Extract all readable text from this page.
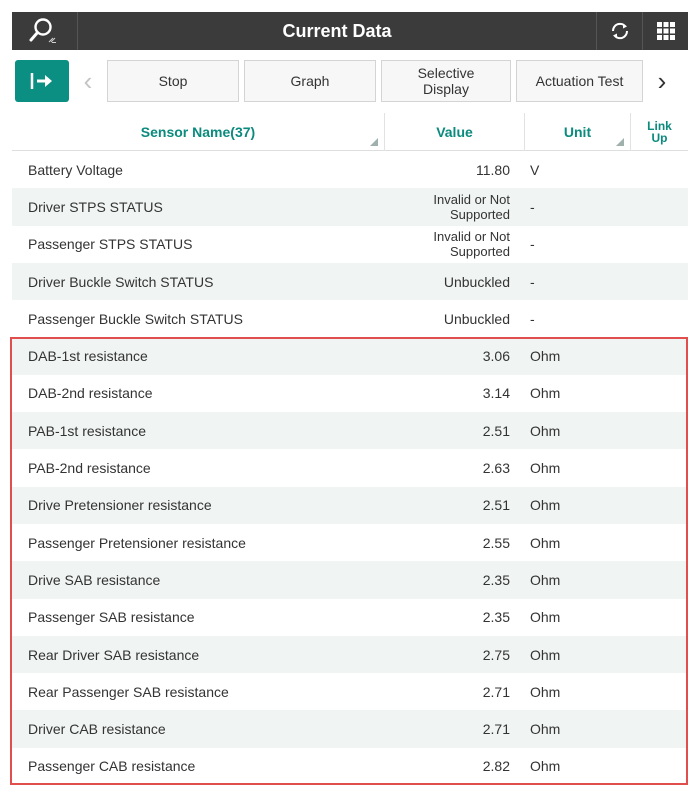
Current Data
‹	Stop	Graph	Selective
Display	Actuation Test	›
Sensor Name(37)	Value	Unit	Link
Up
Battery Voltage	11.80	V
Driver STPS STATUS	Invalid or Not
Supported	-
Passenger STPS STATUS	Invalid or Not
Supported	-
Driver Buckle Switch STATUS	Unbuckled	-
Passenger Buckle Switch STATUS	Unbuckled	-
DAB-1st resistance	3.06	Ohm
DAB-2nd resistance	3.14	Ohm
PAB-1st resistance	2.51	Ohm
PAB-2nd resistance	2.63	Ohm
Drive Pretensioner resistance	2.51	Ohm
Passenger Pretensioner resistance	2.55	Ohm
Drive SAB resistance	2.35	Ohm
Passenger SAB resistance	2.35	Ohm
Rear Driver SAB resistance	2.75	Ohm
Rear Passenger SAB resistance	2.71	Ohm
Driver CAB resistance	2.71	Ohm
Passenger CAB resistance	2.82	Ohm
